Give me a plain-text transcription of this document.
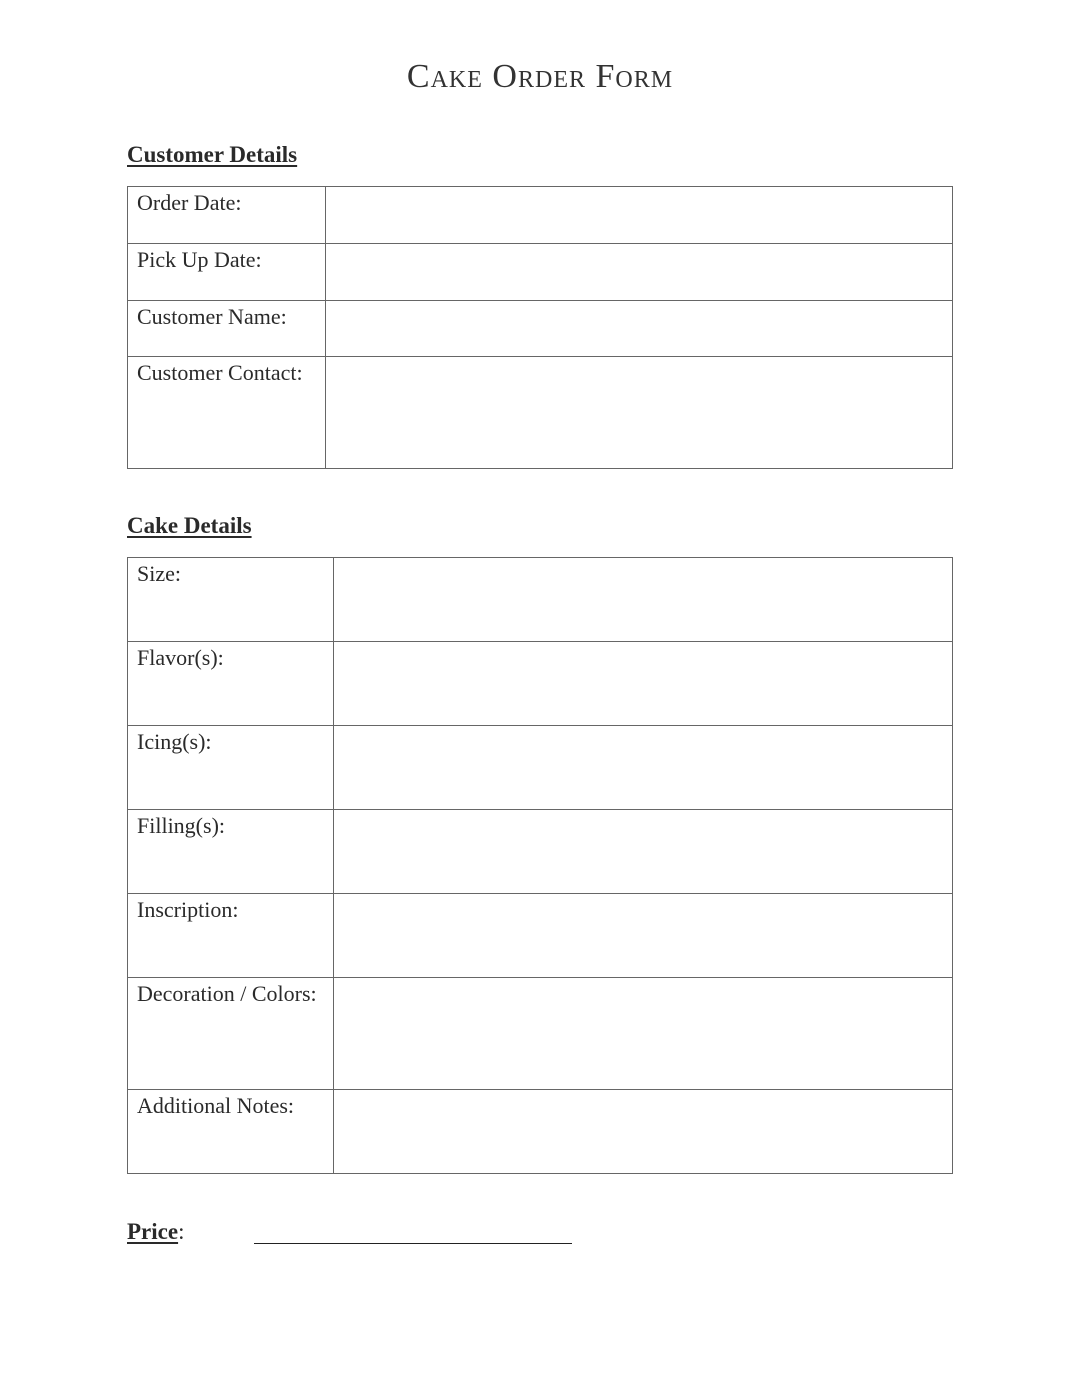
Cake Order Form
Customer Details
Order Date:	
Pick Up Date:	
Customer Name:	
Customer Contact:	
Cake Details
Size:	
Flavor(s):	
Icing(s):	
Filling(s):	
Inscription:	
Decoration / Colors:	
Additional Notes:	
Price:
